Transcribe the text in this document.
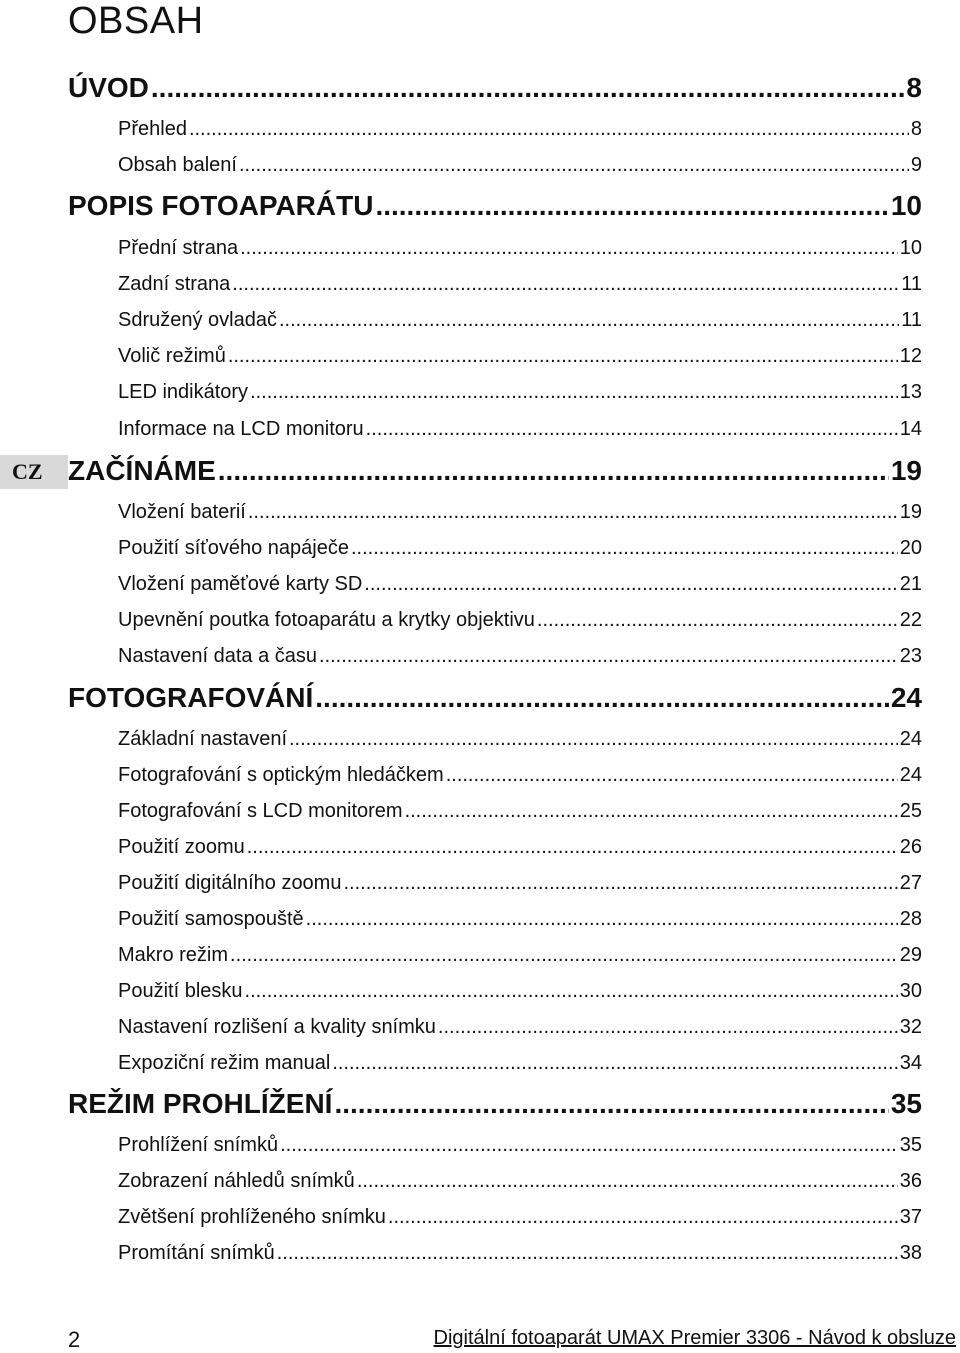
OBSAH
CZ
ÚVOD .....	8
Přehled .....	8
Obsah balení .....	9
POPIS FOTOAPARÁTU .....	10
Přední strana .....	10
Zadní strana .....	11
Sdružený ovladač .....	11
Volič režimů .....	12
LED indikátory .....	13
Informace na LCD monitoru .....	14
ZAČÍNÁME .....	19
Vložení baterií .....	19
Použití síťového napáječe .....	20
Vložení paměťové karty SD .....	21
Upevnění poutka fotoaparátu a krytky objektivu .....	22
Nastavení data a času .....	23
FOTOGRAFOVÁNÍ .....	24
Základní nastavení .....	24
Fotografování s optickým hledáčkem .....	24
Fotografování s LCD monitorem .....	25
Použití zoomu .....	26
Použití digitálního zoomu .....	27
Použití samospouště .....	28
Makro režim .....	29
Použití blesku .....	30
Nastavení rozlišení a kvality snímku .....	32
Expoziční režim manual .....	34
REŽIM PROHLÍŽENÍ .....	35
Prohlížení snímků .....	35
Zobrazení náhledů snímků .....	36
Zvětšení prohlíženého snímku .....	37
Promítání snímků .....	38
2	Digitální fotoaparát UMAX Premier 3306 - Návod k obsluze
